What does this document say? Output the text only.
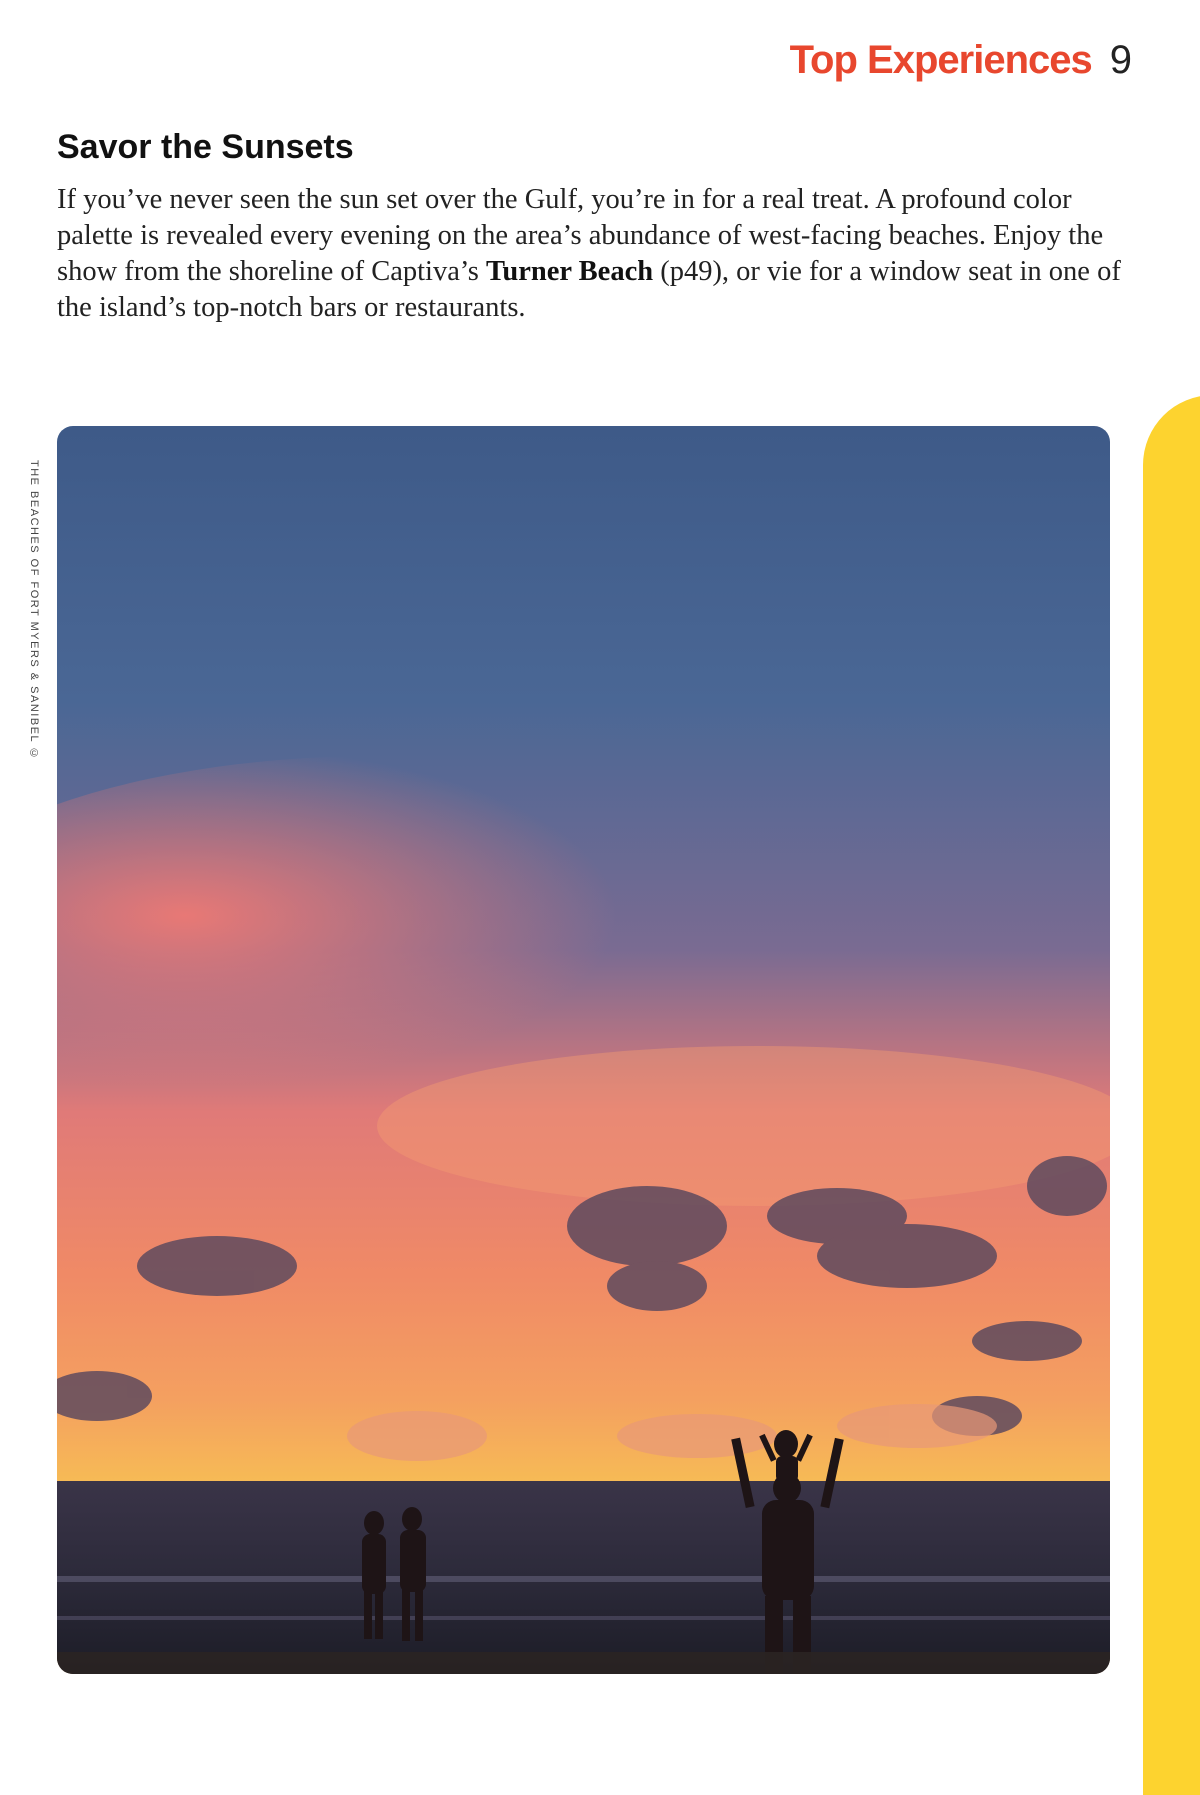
Top Experiences 9
Savor the Sunsets

If you’ve never seen the sun set over the Gulf, you’re in for a real treat. A profound color palette is revealed every evening on the area’s abundance of west-facing beaches. Enjoy the show from the shoreline of Captiva’s Turner Beach (p49), or vie for a window seat in one of the island’s top-notch bars or restaurants.

THE BEACHES OF FORT MYERS & SANIBEL ©
